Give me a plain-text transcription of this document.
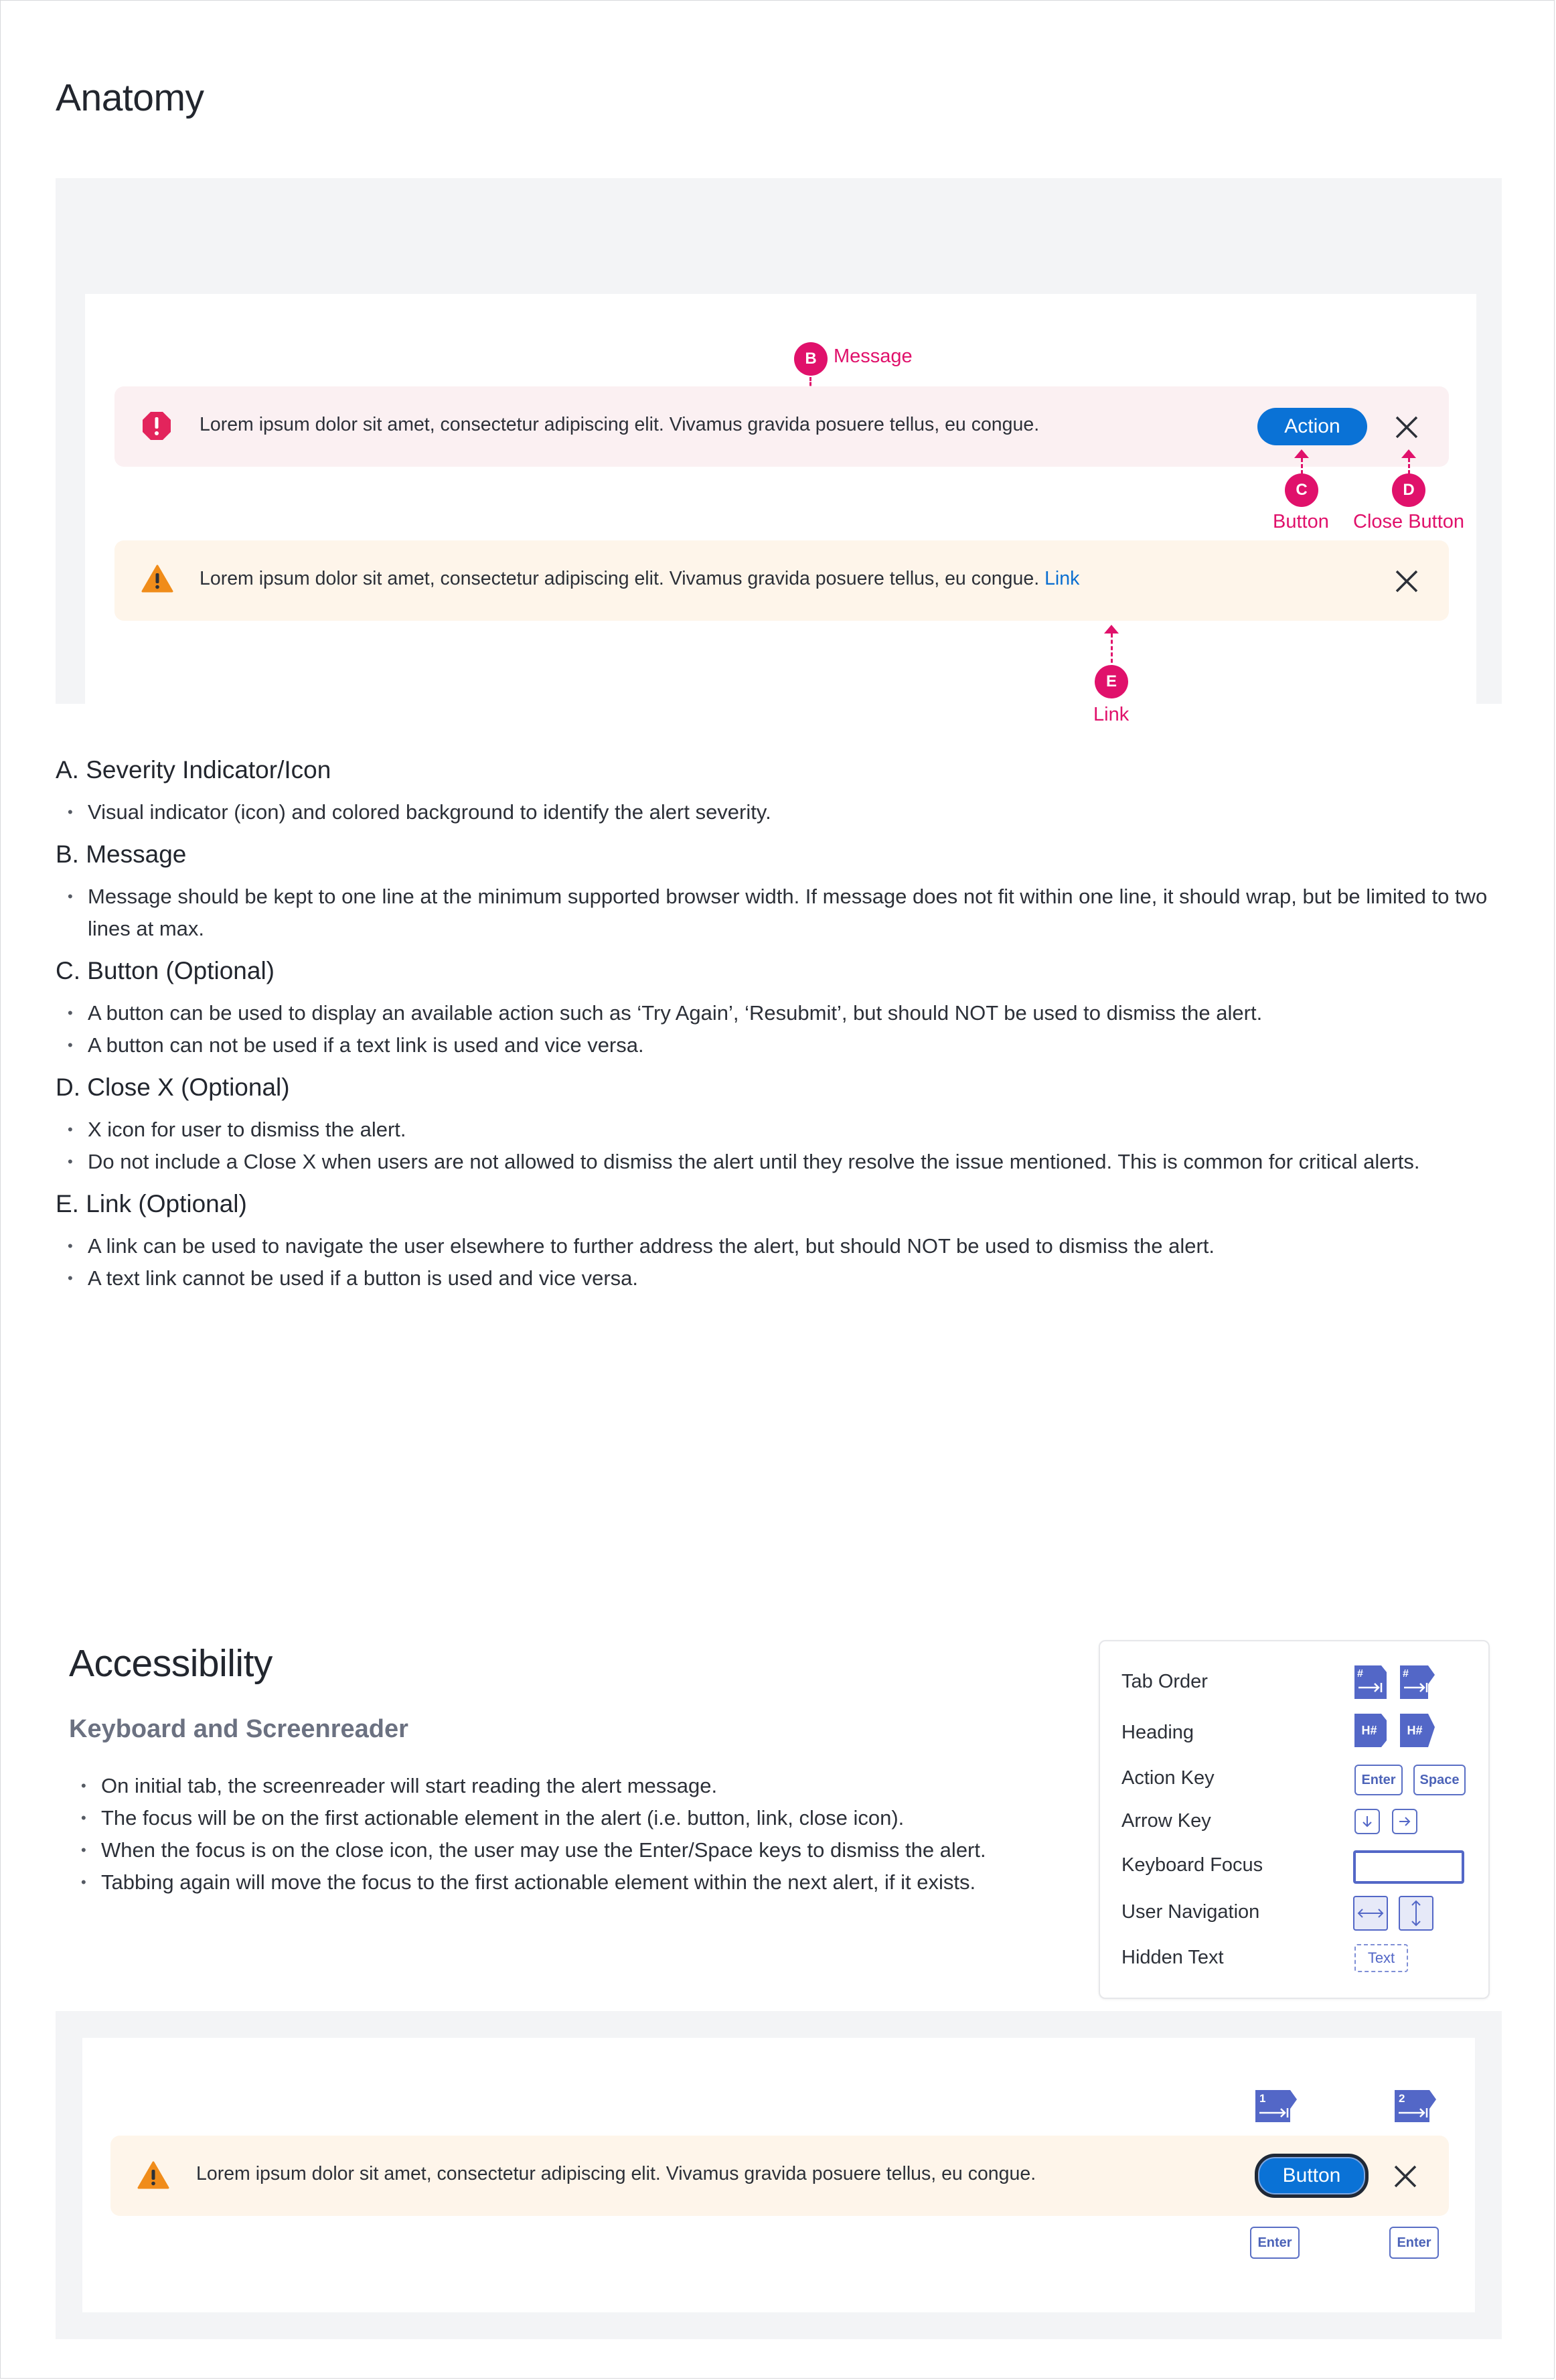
Anatomy
B Message
Lorem ipsum dolor sit amet, consectetur adipiscing elit. Vivamus gravida posuere tellus, eu congue.	Action
C
Button
D
Close Button
Lorem ipsum dolor sit amet, consectetur adipiscing elit. Vivamus gravida posuere tellus, eu congue. Link
E
Link
A. Severity Indicator/Icon
• Visual indicator (icon) and colored background to identify the alert severity.
B. Message
• Message should be kept to one line at the minimum supported browser width. If message does not fit within one line, it should wrap, but be limited to two lines at max.
C. Button (Optional)
• A button can be used to display an available action such as ‘Try Again’, ‘Resubmit’, but should NOT be used to dismiss the alert.
• A button can not be used if a text link is used and vice versa.
D. Close X (Optional)
• X icon for user to dismiss the alert.
• Do not include a Close X when users are not allowed to dismiss the alert until they resolve the issue mentioned. This is common for critical alerts.
E. Link (Optional)
• A link can be used to navigate the user elsewhere to further address the alert, but should NOT be used to dismiss the alert.
• A text link cannot be used if a button is used and vice versa.
Accessibility
Keyboard and Screenreader
• On initial tab, the screenreader will start reading the alert message.
• The focus will be on the first actionable element in the alert (i.e. button, link, close icon).
• When the focus is on the close icon, the user may use the Enter/Space keys to dismiss the alert.
• Tabbing again will move the focus to the first actionable element within the next alert, if it exists.
Tab Order	#	#
Heading	H# H#
Action Key	Enter	Space
Arrow Key
Keyboard Focus
User Navigation
Hidden Text	Text
1	2
Lorem ipsum dolor sit amet, consectetur adipiscing elit. Vivamus gravida posuere tellus, eu congue.	Button
Enter	Enter
